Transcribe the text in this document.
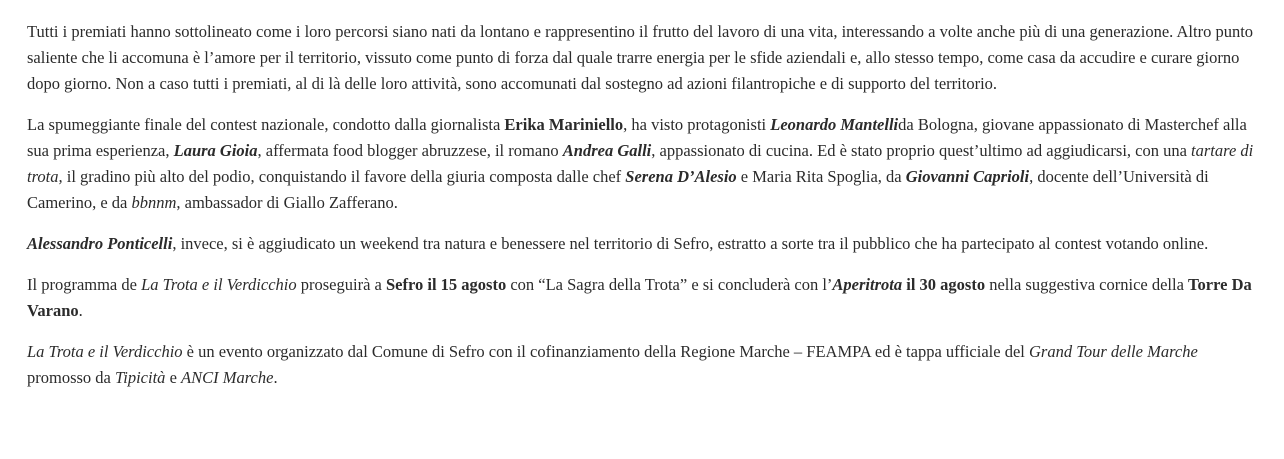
Tutti i premiati hanno sottolineato come i loro percorsi siano nati da lontano e rappresentino il frutto del lavoro di una vita, interessando a volte anche più di una generazione. Altro punto saliente che li accomuna è l’amore per il territorio, vissuto come punto di forza dal quale trarre energia per le sfide aziendali e, allo stesso tempo, come casa da accudire e curare giorno dopo giorno. Non a caso tutti i premiati, al di là delle loro attività, sono accomunati dal sostegno ad azioni filantropiche e di supporto del territorio.

La spumeggiante finale del contest nazionale, condotto dalla giornalista Erika Mariniello, ha visto protagonisti Leonardo Mantellida Bologna, giovane appassionato di Masterchef alla sua prima esperienza, Laura Gioia, affermata food blogger abruzzese, il romano Andrea Galli, appassionato di cucina. Ed è stato proprio quest’ultimo ad aggiudicarsi, con una tartare di trota, il gradino più alto del podio, conquistando il favore della giuria composta dalle chef Serena D’Alesio e Maria Rita Spoglia, da Giovanni Caprioli, docente dell’Università di Camerino, e da bbnnm, ambassador di Giallo Zafferano.

Alessandro Ponticelli, invece, si è aggiudicato un weekend tra natura e benessere nel territorio di Sefro, estratto a sorte tra il pubblico che ha partecipato al contest votando online.

Il programma de La Trota e il Verdicchio proseguirà a Sefro il 15 agosto con “La Sagra della Trota” e si concluderà con l’Aperitrota il 30 agosto nella suggestiva cornice della Torre Da Varano.

La Trota e il Verdicchio è un evento organizzato dal Comune di Sefro con il cofinanziamento della Regione Marche – FEAMPA ed è tappa ufficiale del Grand Tour delle Marche promosso da Tipicità e ANCI Marche.
